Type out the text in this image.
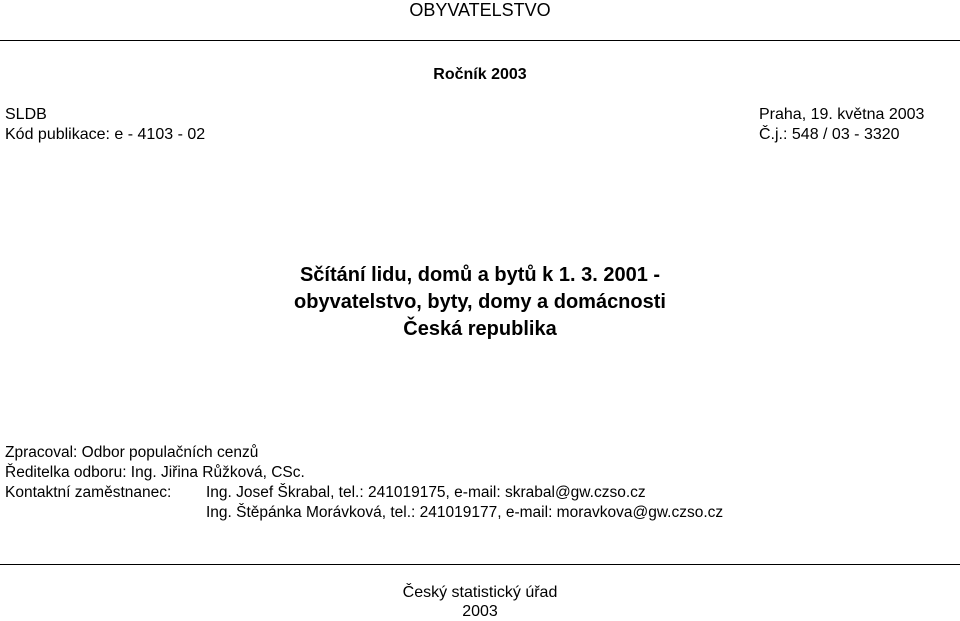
OBYVATELSTVO
Ročník 2003
SLDB
Kód publikace: e - 4103 - 02
Praha, 19. května 2003
Č.j.: 548 / 03 - 3320
Sčítání lidu, domů a bytů k 1. 3. 2001 -
obyvatelstvo, byty, domy a domácnosti
Česká republika
Zpracoval: Odbor populačních cenzů
Ředitelka odboru: Ing. Jiřina Růžková, CSc.
Kontaktní zaměstnanec: Ing. Josef Škrabal, tel.: 241019175, e-mail: skrabal@gw.czso.cz
Ing. Štěpánka Morávková, tel.: 241019177, e-mail: moravkova@gw.czso.cz
Český statistický úřad
2003
